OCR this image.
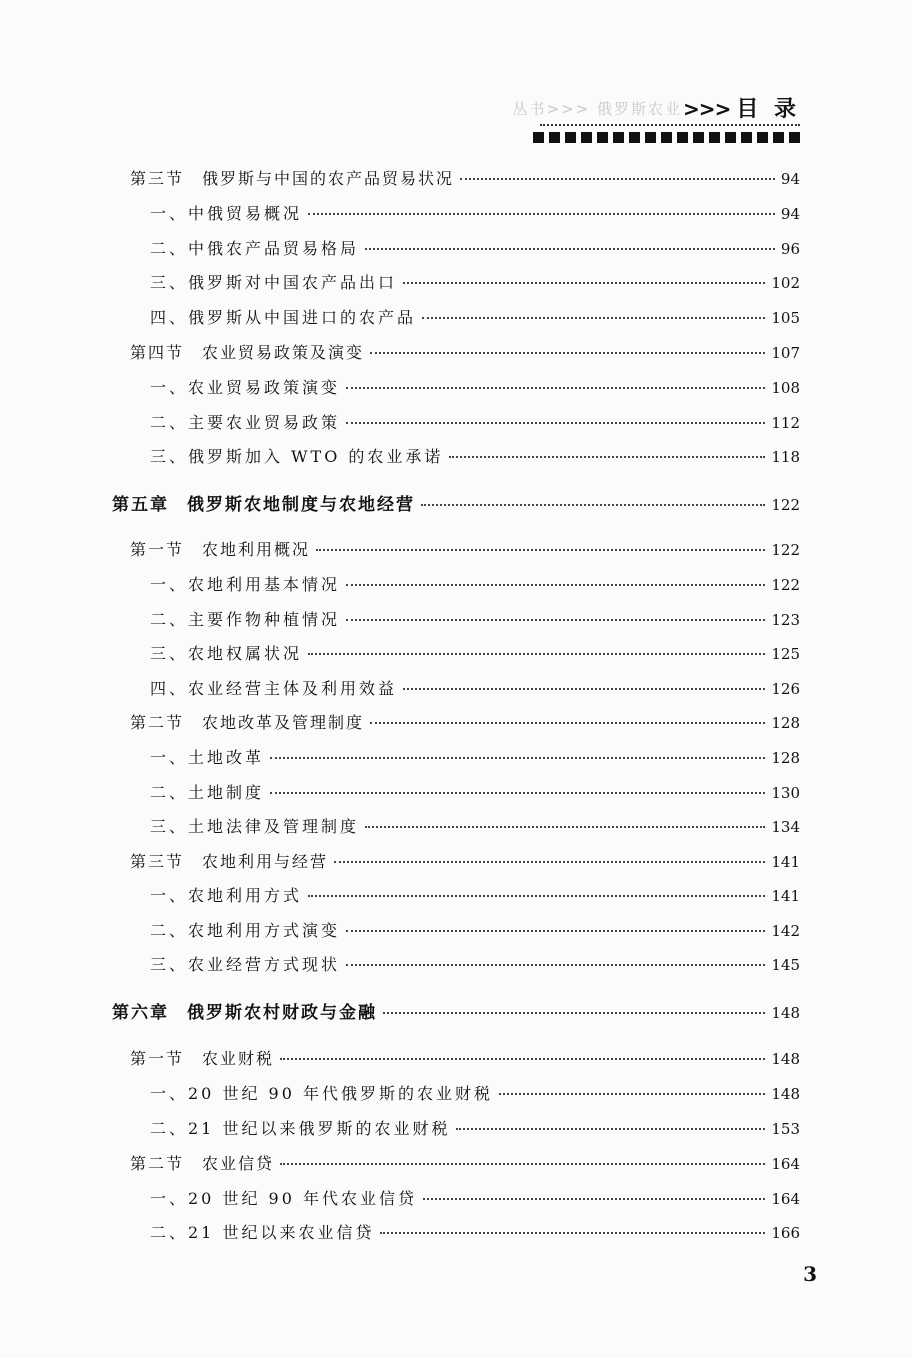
>>> 目 录
丛书>>> 俄罗斯农业
第三节 俄罗斯与中国的农产品贸易状况	94
一、中俄贸易概况	94
二、中俄农产品贸易格局	96
三、俄罗斯对中国农产品出口	102
四、俄罗斯从中国进口的农产品	105
第四节 农业贸易政策及演变	107
一、农业贸易政策演变	108
二、主要农业贸易政策	112
三、俄罗斯加入 WTO 的农业承诺	118
第五章 俄罗斯农地制度与农地经营	122
第一节 农地利用概况	122
一、农地利用基本情况	122
二、主要作物种植情况	123
三、农地权属状况	125
四、农业经营主体及利用效益	126
第二节 农地改革及管理制度	128
一、土地改革	128
二、土地制度	130
三、土地法律及管理制度	134
第三节 农地利用与经营	141
一、农地利用方式	141
二、农地利用方式演变	142
三、农业经营方式现状	145
第六章 俄罗斯农村财政与金融	148
第一节 农业财税	148
一、20 世纪 90 年代俄罗斯的农业财税	148
二、21 世纪以来俄罗斯的农业财税	153
第二节 农业信贷	164
一、20 世纪 90 年代农业信贷	164
二、21 世纪以来农业信贷	166
3
